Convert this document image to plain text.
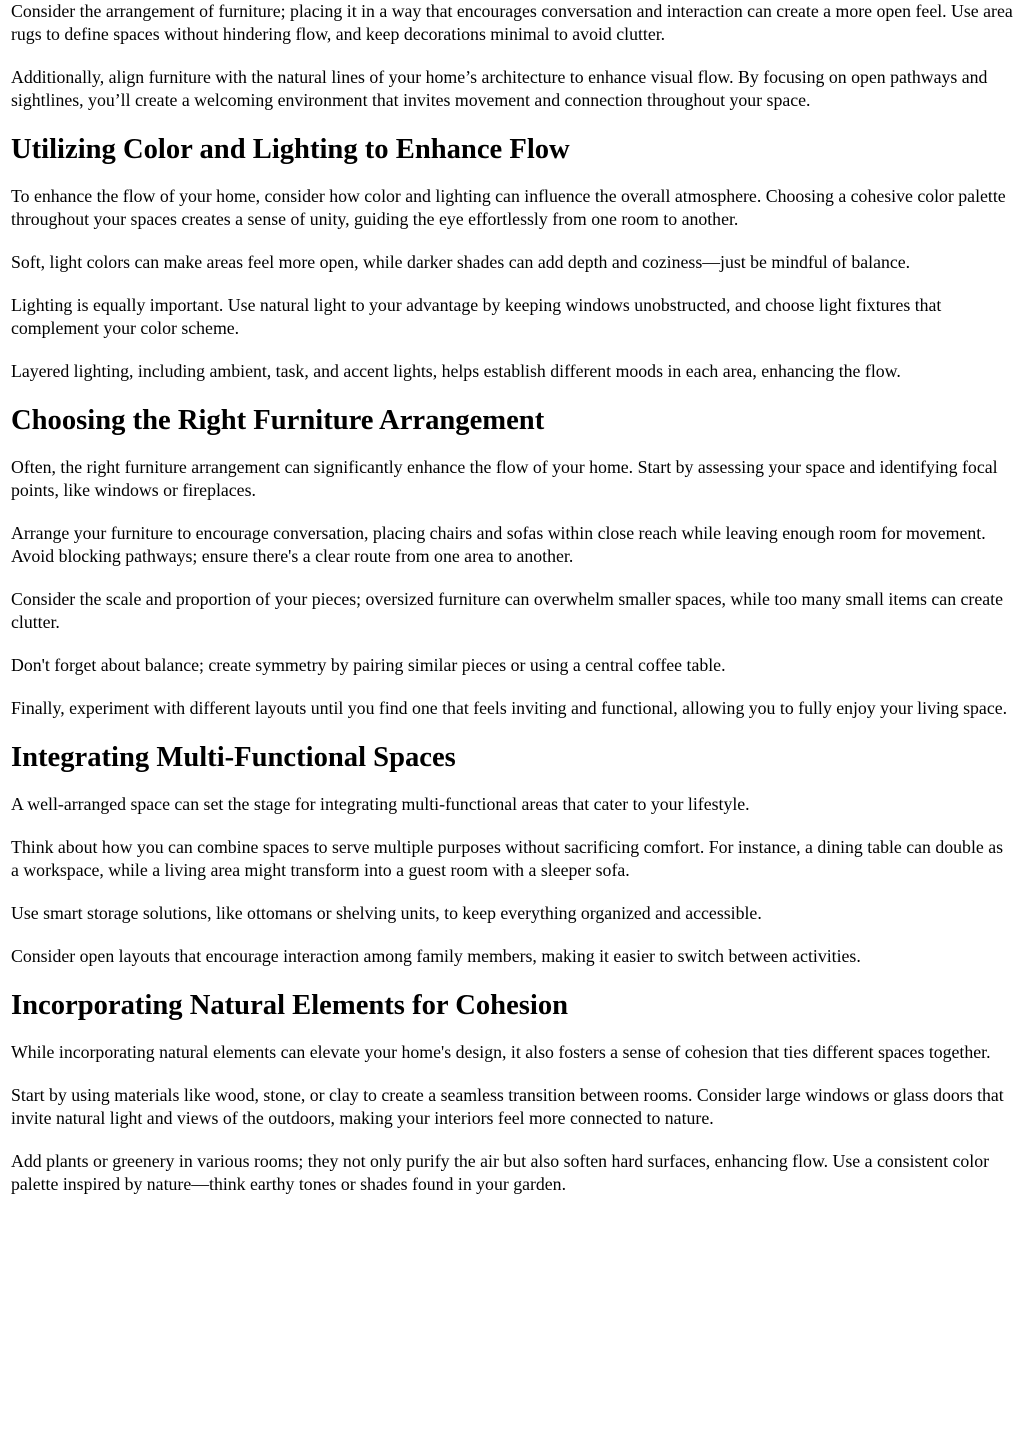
Consider the arrangement of furniture; placing it in a way that encourages conversation and interaction can create a more open feel. Use area rugs to define spaces without hindering flow, and keep decorations minimal to avoid clutter.

Additionally, align furniture with the natural lines of your home’s architecture to enhance visual flow. By focusing on open pathways and sightlines, you’ll create a welcoming environment that invites movement and connection throughout your space.

Utilizing Color and Lighting to Enhance Flow

To enhance the flow of your home, consider how color and lighting can influence the overall atmosphere. Choosing a cohesive color palette throughout your spaces creates a sense of unity, guiding the eye effortlessly from one room to another.

Soft, light colors can make areas feel more open, while darker shades can add depth and coziness—just be mindful of balance.

Lighting is equally important. Use natural light to your advantage by keeping windows unobstructed, and choose light fixtures that complement your color scheme.

Layered lighting, including ambient, task, and accent lights, helps establish different moods in each area, enhancing the flow.

Choosing the Right Furniture Arrangement

Often, the right furniture arrangement can significantly enhance the flow of your home. Start by assessing your space and identifying focal points, like windows or fireplaces.

Arrange your furniture to encourage conversation, placing chairs and sofas within close reach while leaving enough room for movement. Avoid blocking pathways; ensure there's a clear route from one area to another.

Consider the scale and proportion of your pieces; oversized furniture can overwhelm smaller spaces, while too many small items can create clutter.

Don't forget about balance; create symmetry by pairing similar pieces or using a central coffee table.

Finally, experiment with different layouts until you find one that feels inviting and functional, allowing you to fully enjoy your living space.

Integrating Multi-Functional Spaces

A well-arranged space can set the stage for integrating multi-functional areas that cater to your lifestyle.

Think about how you can combine spaces to serve multiple purposes without sacrificing comfort. For instance, a dining table can double as a workspace, while a living area might transform into a guest room with a sleeper sofa.

Use smart storage solutions, like ottomans or shelving units, to keep everything organized and accessible.

Consider open layouts that encourage interaction among family members, making it easier to switch between activities.

Incorporating Natural Elements for Cohesion

While incorporating natural elements can elevate your home's design, it also fosters a sense of cohesion that ties different spaces together.

Start by using materials like wood, stone, or clay to create a seamless transition between rooms. Consider large windows or glass doors that invite natural light and views of the outdoors, making your interiors feel more connected to nature.

Add plants or greenery in various rooms; they not only purify the air but also soften hard surfaces, enhancing flow. Use a consistent color palette inspired by nature—think earthy tones or shades found in your garden.
